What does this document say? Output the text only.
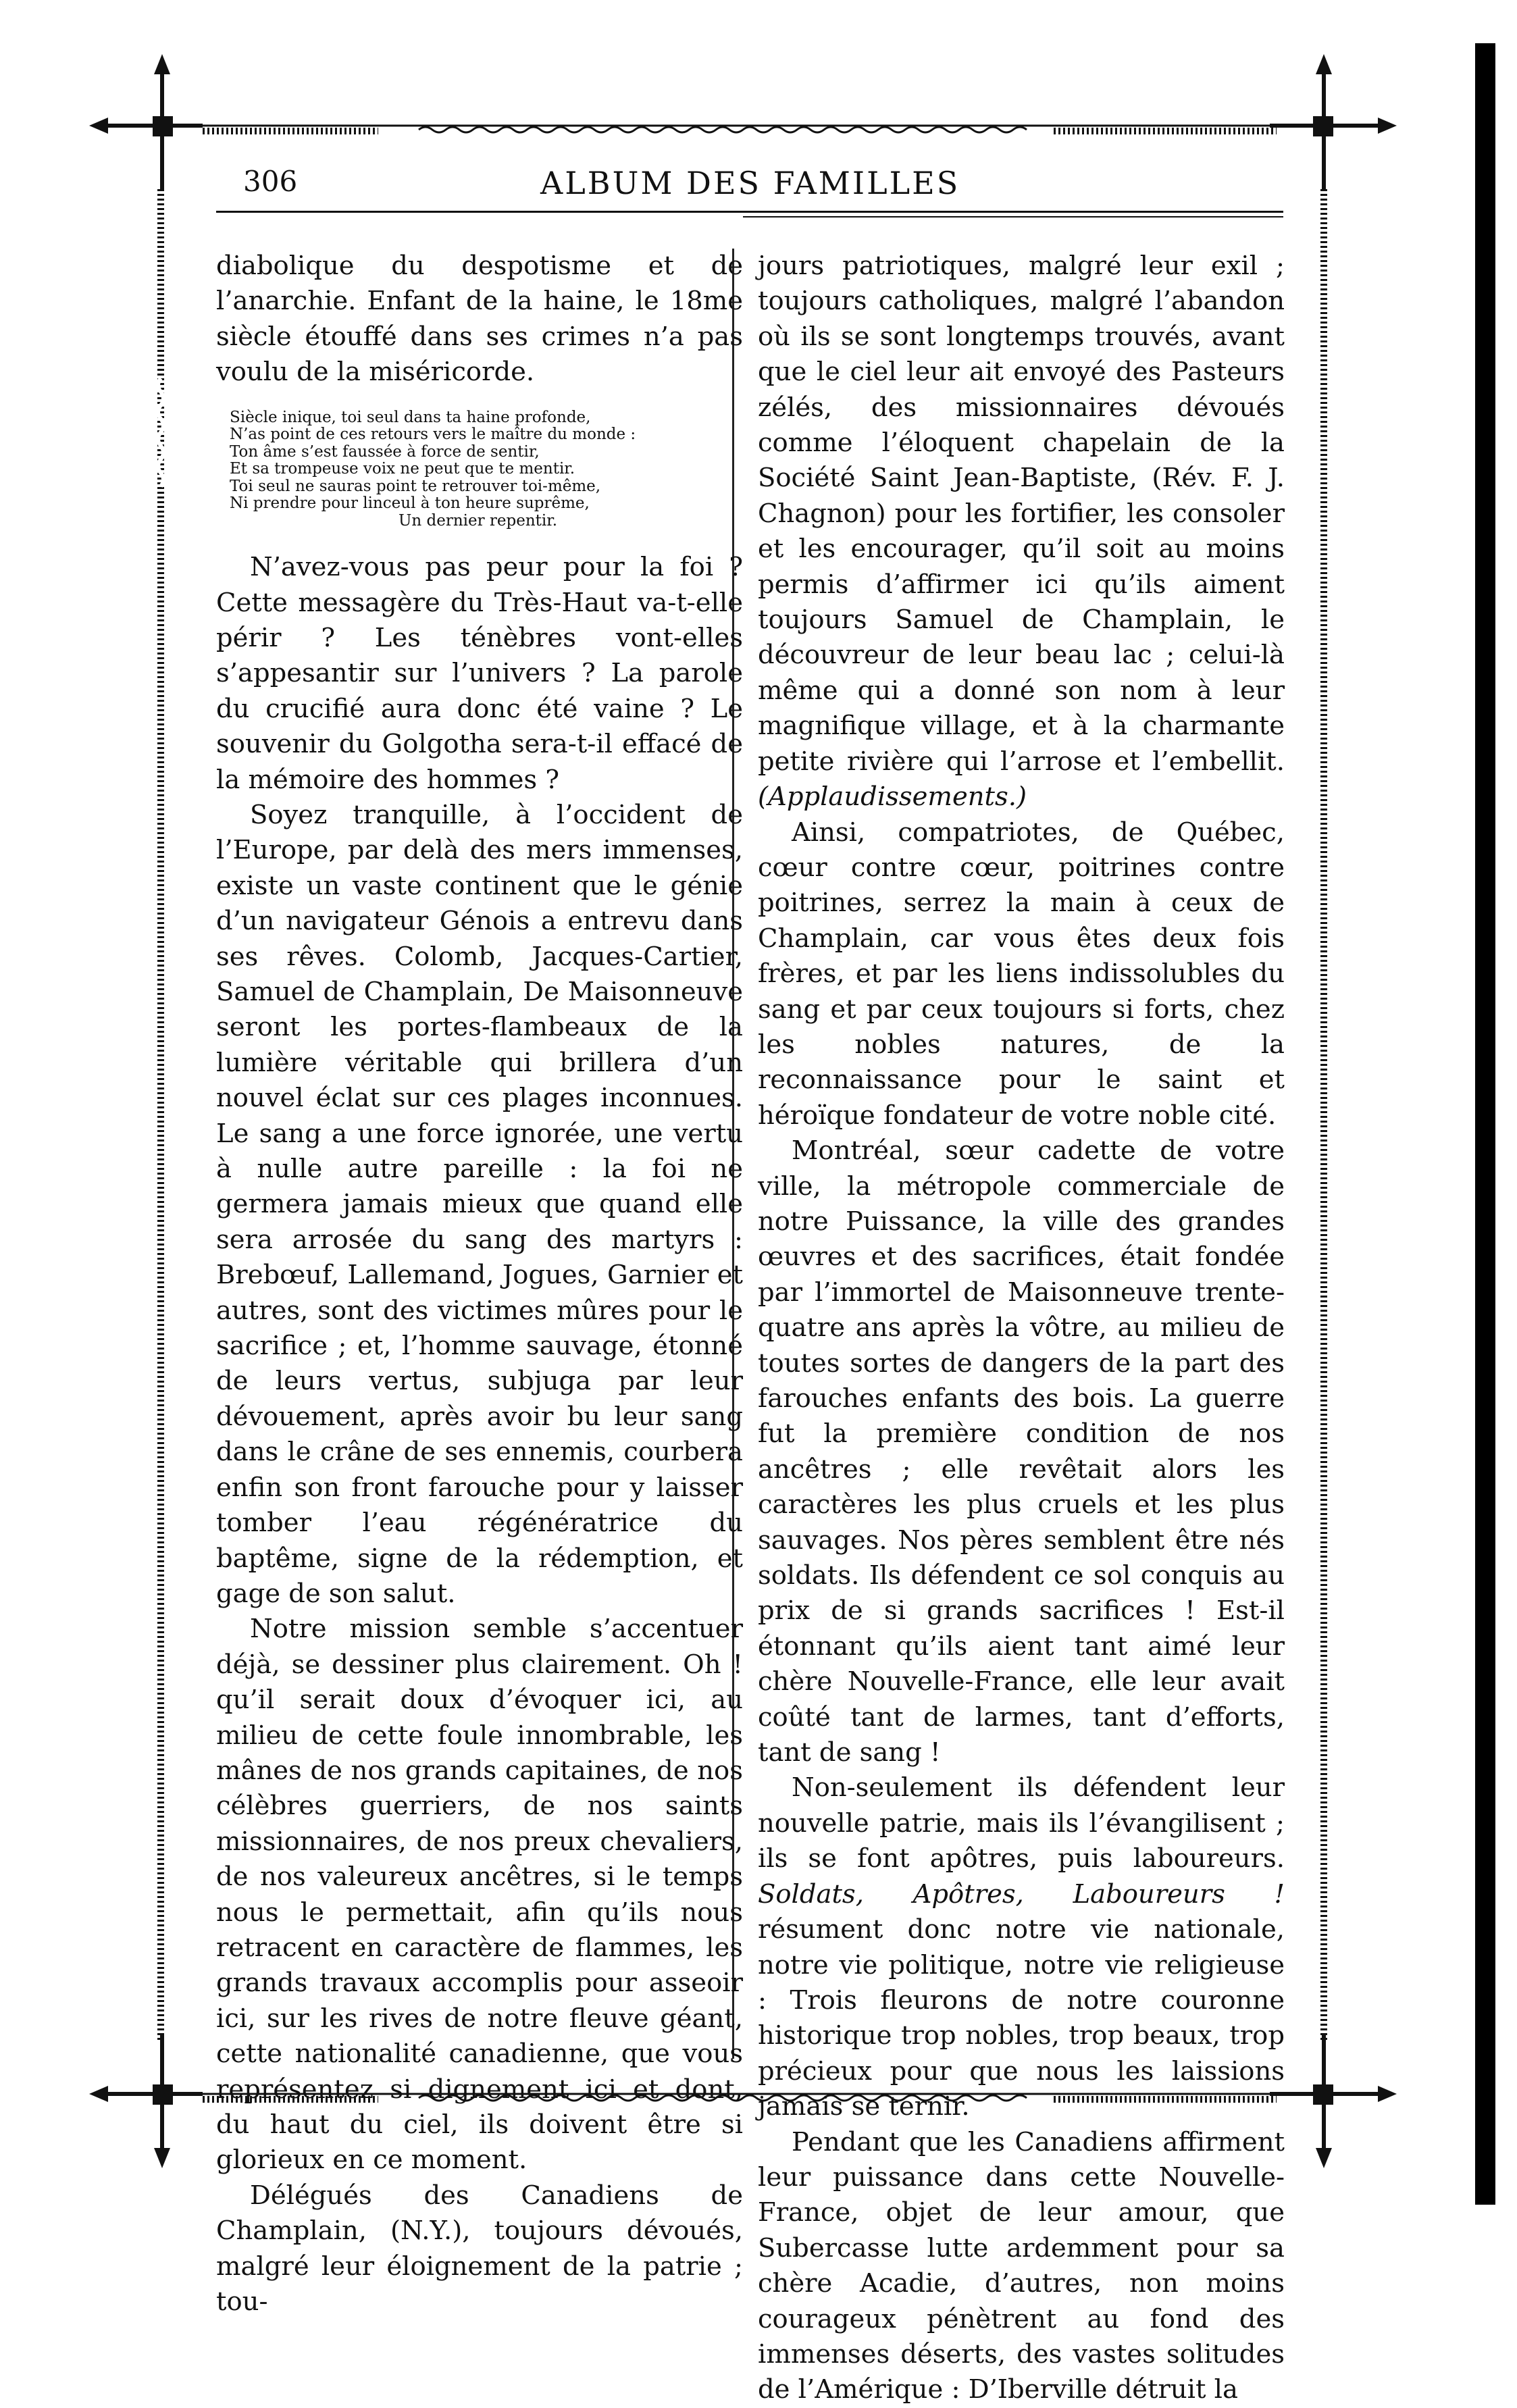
306	ALBUM DES FAMILLES

diabolique du despotisme et de l’anarchie. Enfant de la haine, le 18me siècle étouffé dans ses crimes n’a pas voulu de la miséricorde.

Siècle inique, toi seul dans ta haine profonde,
N’as point de ces retours vers le maître du monde :
Ton âme s’est faussée à force de sentir,
Et sa trompeuse voix ne peut que te mentir.
Toi seul ne sauras point te retrouver toi-même,
Ni prendre pour linceul à ton heure suprême,
Un dernier repentir.

N’avez-vous pas peur pour la foi ? Cette messagère du Très-Haut va-t-elle périr ? Les ténèbres vont-elles s’appesantir sur l’univers ? La parole du crucifié aura donc été vaine ? Le souvenir du Golgotha sera-t-il effacé de la mémoire des hommes ?

Soyez tranquille, à l’occident de l’Europe, par delà des mers immenses, existe un vaste continent que le génie d’un navigateur Génois a entrevu dans ses rêves. Colomb, Jacques-Cartier, Samuel de Champlain, De Maisonneuve seront les portes-flambeaux de la lumière véritable qui brillera d’un nouvel éclat sur ces plages inconnues. Le sang a une force ignorée, une vertu à nulle autre pareille : la foi ne germera jamais mieux que quand elle sera arrosée du sang des martyrs : Brebœuf, Lallemand, Jogues, Garnier et autres, sont des victimes mûres pour le sacrifice ; et, l’homme sauvage, étonné de leurs vertus, subjuga par leur dévouement, après avoir bu leur sang dans le crâne de ses ennemis, courbera enfin son front farouche pour y laisser tomber l’eau régénératrice du baptême, signe de la rédemption, et gage de son salut.

Notre mission semble s’accentuer déjà, se dessiner plus clairement. Oh ! qu’il serait doux d’évoquer ici, au milieu de cette foule innombrable, les mânes de nos grands capitaines, de nos célèbres guerriers, de nos saints missionnaires, de nos preux chevaliers, de nos valeureux ancêtres, si le temps nous le permettait, afin qu’ils nous retracent en caractère de flammes, les grands travaux accomplis pour asseoir ici, sur les rives de notre fleuve géant, cette nationalité canadienne, que vous représentez si dignement ici et dont, du haut du ciel, ils doivent être si glorieux en ce moment.

Délégués des Canadiens de Champlain, (N.Y.), toujours dévoués, malgré leur éloignement de la patrie ; tou-

jours patriotiques, malgré leur exil ; toujours catholiques, malgré l’abandon où ils se sont longtemps trouvés, avant que le ciel leur ait envoyé des Pasteurs zélés, des missionnaires dévoués comme l’éloquent chapelain de la Société Saint Jean-Baptiste, (Rév. F. J. Chagnon) pour les fortifier, les consoler et les encourager, qu’il soit au moins permis d’affirmer ici qu’ils aiment toujours Samuel de Champlain, le découvreur de leur beau lac ; celui-là même qui a donné son nom à leur magnifique village, et à la charmante petite rivière qui l’arrose et l’embellit. (Applaudissements.)

Ainsi, compatriotes, de Québec, cœur contre cœur, poitrines contre poitrines, serrez la main à ceux de Champlain, car vous êtes deux fois frères, et par les liens indissolubles du sang et par ceux toujours si forts, chez les nobles natures, de la reconnaissance pour le saint et héroïque fondateur de votre noble cité.

Montréal, sœur cadette de votre ville, la métropole commerciale de notre Puissance, la ville des grandes œuvres et des sacrifices, était fondée par l’immortel de Maisonneuve trente-quatre ans après la vôtre, au milieu de toutes sortes de dangers de la part des farouches enfants des bois. La guerre fut la première condition de nos ancêtres ; elle revêtait alors les caractères les plus cruels et les plus sauvages. Nos pères semblent être nés soldats. Ils défendent ce sol conquis au prix de si grands sacrifices ! Est-il étonnant qu’ils aient tant aimé leur chère Nouvelle-France, elle leur avait coûté tant de larmes, tant d’efforts, tant de sang !

Non-seulement ils défendent leur nouvelle patrie, mais ils l’évangilisent ; ils se font apôtres, puis laboureurs. Soldats, Apôtres, Laboureurs ! résument donc notre vie nationale, notre vie politique, notre vie religieuse : Trois fleurons de notre couronne historique trop nobles, trop beaux, trop précieux pour que nous les laissions jamais se ternir.

Pendant que les Canadiens affirment leur puissance dans cette Nouvelle-France, objet de leur amour, que Subercasse lutte ardemment pour sa chère Acadie, d’autres, non moins courageux pénètrent au fond des immenses déserts, des vastes solitudes de l’Amérique : D’Iberville détruit la
